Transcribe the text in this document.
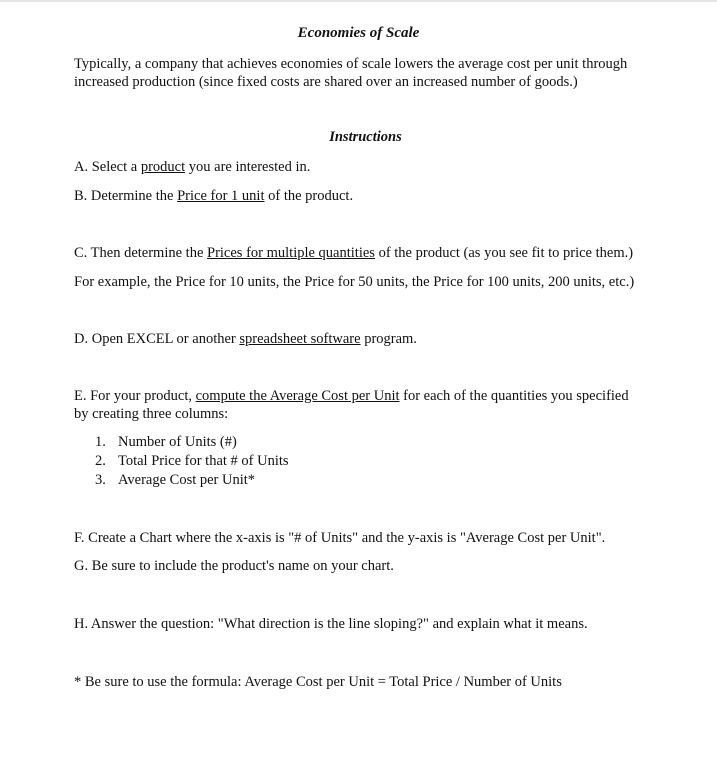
Economies of Scale
Typically, a company that achieves economies of scale lowers the average cost per unit through
increased production (since fixed costs are shared over an increased number of goods.)
Instructions
A. Select a product you are interested in.
B. Determine the Price for 1 unit of the product.
C. Then determine the Prices for multiple quantities of the product (as you see fit to price them.)
For example, the Price for 10 units, the Price for 50 units, the Price for 100 units, 200 units, etc.)
D. Open EXCEL or another spreadsheet software program.
E. For your product, compute the Average Cost per Unit for each of the quantities you specified
by creating three columns:
1. Number of Units (#)
2. Total Price for that # of Units
3. Average Cost per Unit*
F. Create a Chart where the x-axis is "# of Units" and the y-axis is "Average Cost per Unit".
G. Be sure to include the product's name on your chart.
H. Answer the question: "What direction is the line sloping?" and explain what it means.
* Be sure to use the formula: Average Cost per Unit = Total Price / Number of Units
